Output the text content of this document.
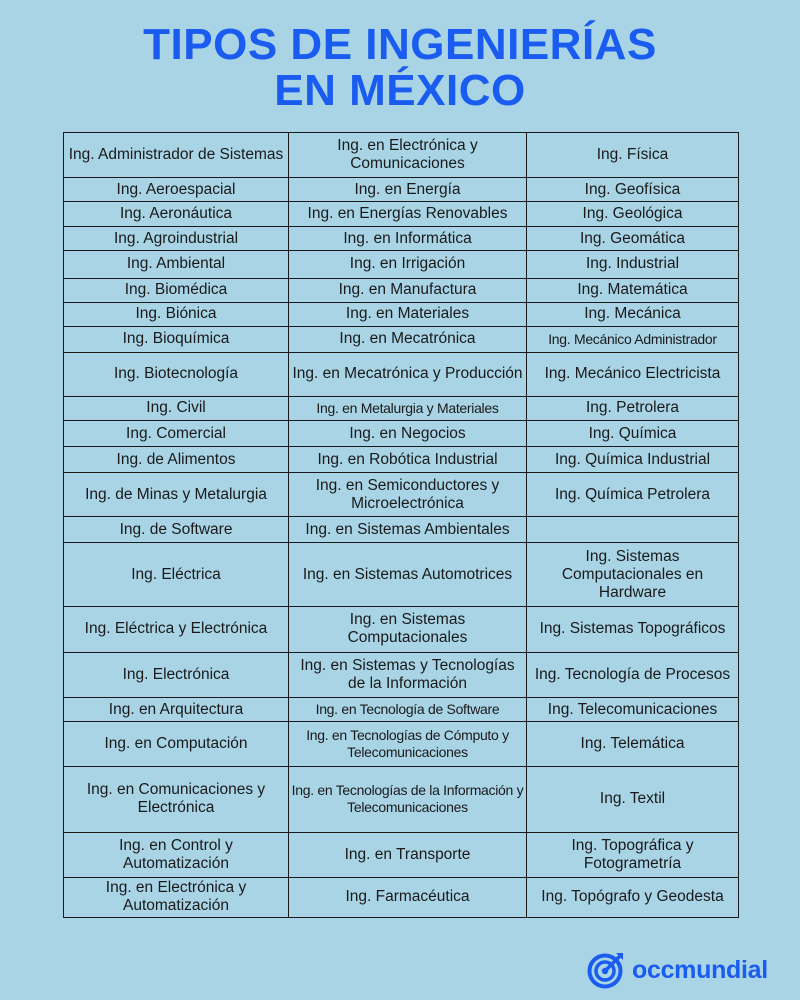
TIPOS DE INGENIERÍAS
EN MÉXICO
Ing. Administrador de Sistemas	Ing. en Electrónica y Comunicaciones	Ing. Física
Ing. Aeroespacial	Ing. en Energía	Ing. Geofísica
Ing. Aeronáutica	Ing. en Energías Renovables	Ing. Geológica
Ing. Agroindustrial	Ing. en Informática	Ing. Geomática
Ing. Ambiental	Ing. en Irrigación	Ing. Industrial
Ing. Biomédica	Ing. en Manufactura	Ing. Matemática
Ing. Biónica	Ing. en Materiales	Ing. Mecánica
Ing. Bioquímica	Ing. en Mecatrónica	Ing. Mecánico Administrador
Ing. Biotecnología	Ing. en Mecatrónica y Producción	Ing. Mecánico Electricista
Ing. Civil	Ing. en Metalurgia y Materiales	Ing. Petrolera
Ing. Comercial	Ing. en Negocios	Ing. Química
Ing. de Alimentos	Ing. en Robótica Industrial	Ing. Química Industrial
Ing. de Minas y Metalurgia	Ing. en Semiconductores y Microelectrónica	Ing. Química Petrolera
Ing. de Software	Ing. en Sistemas Ambientales	
Ing. Eléctrica	Ing. en Sistemas Automotrices	Ing. Sistemas Computacionales en Hardware
Ing. Eléctrica y Electrónica	Ing. en Sistemas Computacionales	Ing. Sistemas Topográficos
Ing. Electrónica	Ing. en Sistemas y Tecnologías de la Información	Ing. Tecnología de Procesos
Ing. en Arquitectura	Ing. en Tecnología de Software	Ing. Telecomunicaciones
Ing. en Computación	Ing. en Tecnologías de Cómputo y Telecomunicaciones	Ing. Telemática
Ing. en Comunicaciones y Electrónica	Ing. en Tecnologías de la Información y Telecomunicaciones	Ing. Textil
Ing. en Control y Automatización	Ing. en Transporte	Ing. Topográfica y Fotogrametría
Ing. en Electrónica y Automatización	Ing. Farmacéutica	Ing. Topógrafo y Geodesta
occmundial
